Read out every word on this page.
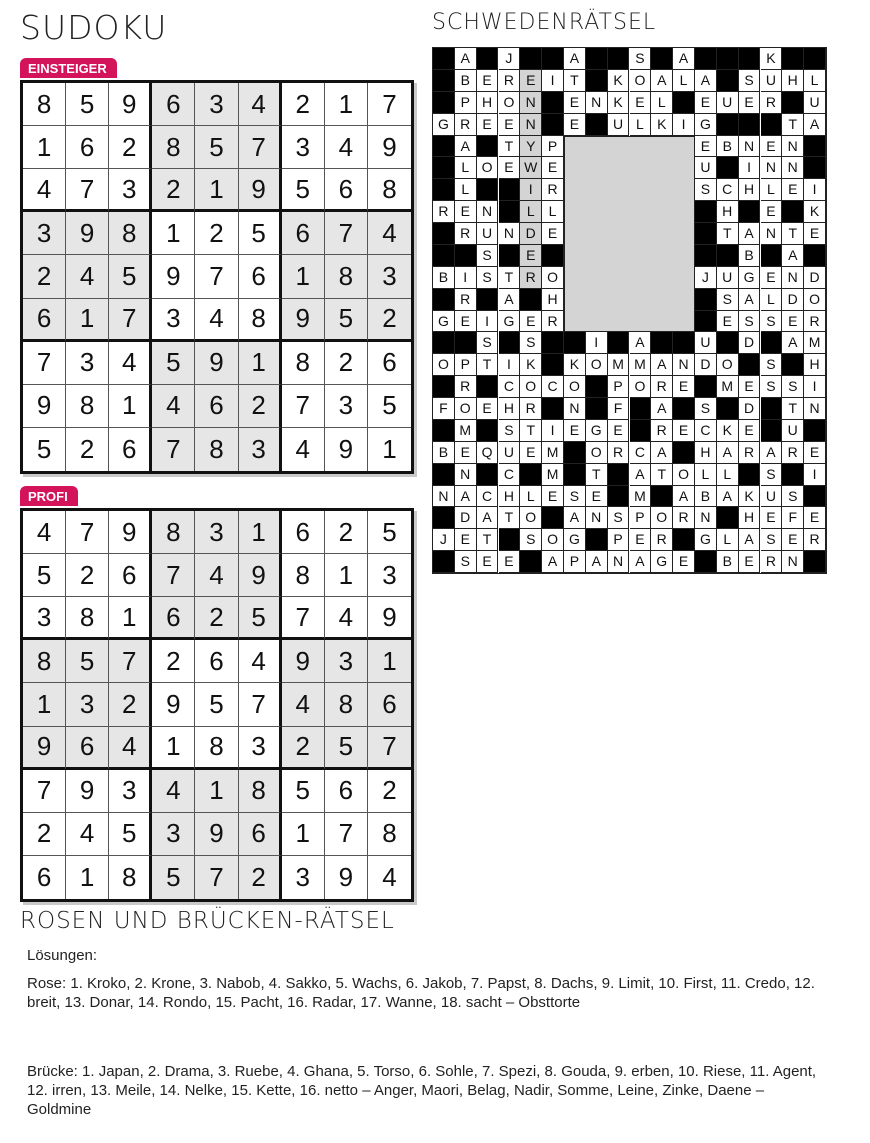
SUDOKU	SCHWEDENRÄTSEL
EINSTEIGER
8	5	9	6	3	4	2	1	7
1	6	2	8	5	7	3	4	9
4	7	3	2	1	9	5	6	8
3	9	8	1	2	5	6	7	4
2	4	5	9	7	6	1	8	3
6	1	7	3	4	8	9	5	2
7	3	4	5	9	1	8	2	6
9	8	1	4	6	2	7	3	5
5	2	6	7	8	3	4	9	1
PROFI
4	7	9	8	3	1	6	2	5
5	2	6	7	4	9	8	1	3
3	8	1	6	2	5	7	4	9
8	5	7	2	6	4	9	3	1
1	3	2	9	5	7	4	8	6
9	6	4	1	8	3	2	5	7
7	9	3	4	1	8	5	6	2
2	4	5	3	9	6	1	7	8
6	1	8	5	7	2	3	9	4
ROSEN UND BRÜCKEN-RÄTSEL
Lösungen:
Rose: 1. Kroko, 2. Krone, 3. Nabob, 4. Sakko, 5. Wachs, 6. Jakob, 7. Papst, 8. Dachs, 9. Limit, 10. First, 11. Credo, 12. breit, 13. Donar, 14. Rondo, 15. Pacht, 16. Radar, 17. Wanne, 18. sacht – Obsttorte
Brücke: 1. Japan, 2. Drama, 3. Ruebe, 4. Ghana, 5. Torso, 6. Sohle, 7. Spezi, 8. Gouda, 9. erben, 10. Riese, 11. Agent, 12. irren, 13. Meile, 14. Nelke, 15. Kette, 16. netto – Anger, Maori, Belag, Nadir, Somme, Leine, Zinke, Daene – Goldmine
A	J	A	S	A	K
B E R E	I	T	K O A L A	S U H L
P H O N	E N K E L	E U E R	U
G R E E N	E	U L K	I	G	T A
A	T Y P	E B N E N
L O E W E	U	I	N N
L	I	R	S C H L E	I
R E N	L	L	H	E	K
R U N D E	T A N T E
S	E	B	A
B	I	S T R O	J U G E N D
R	A	H	S A L D O
G E	I	G E R	E S S E R
S	S	I	A	U	D	A M
O P T	I	K	K O M M A N D O	S	H
R	C O C O	P O R E	M E S S	I
F O E H R	N	F	A	S	D	T N
M	S T	I	E G E	R E C K E	U
B E Q U E M	O R C A	H A R A R E
N	C	M	T	A T O L	L	S	I
N A C H L E S E	M	A B A K U S
D A T O	A N S P O R N	H E F E
J E T	S O G	P E R	G L A S E R
S E E	A P A N A G E	B E R N
